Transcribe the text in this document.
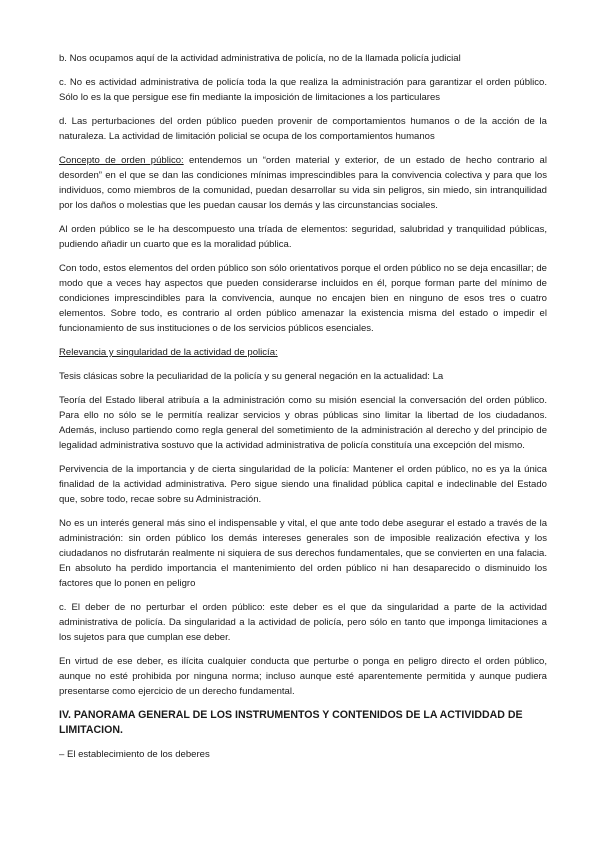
b. Nos ocupamos aquí de la actividad administrativa de policía, no de la llamada policía judicial

c. No es actividad administrativa de policía toda la que realiza la administración para garantizar el orden público. Sólo lo es la que persigue ese fin mediante la imposición de limitaciones a los particulares

d. Las perturbaciones del orden público pueden provenir de comportamientos humanos o de la acción de la naturaleza. La actividad de limitación policial se ocupa de los comportamientos humanos

Concepto de orden público: entendemos un “orden material y exterior, de un estado de hecho contrario al desorden” en el que se dan las condiciones mínimas imprescindibles para la convivencia colectiva y para que los individuos, como miembros de la comunidad, puedan desarrollar su vida sin peligros, sin miedo, sin intranquilidad por los daños o molestias que les puedan causar los demás y las circunstancias sociales.

Al orden público se le ha descompuesto una tríada de elementos: seguridad, salubridad y tranquilidad públicas, pudiendo añadir un cuarto que es la moralidad pública.

Con todo, estos elementos del orden público son sólo orientativos porque el orden público no se deja encasillar; de modo que a veces hay aspectos que pueden considerarse incluidos en él, porque forman parte del mínimo de condiciones imprescindibles para la convivencia, aunque no encajen bien en ninguno de esos tres o cuatro elementos. Sobre todo, es contrario al orden público amenazar la existencia misma del estado o impedir el funcionamiento de sus instituciones o de los servicios públicos esenciales.

Relevancia y singularidad de la actividad de policía:

Tesis clásicas sobre la peculiaridad de la policía y su general negación en la actualidad: La

Teoría del Estado liberal atribuía a la administración como su misión esencial la conversación del orden público. Para ello no sólo se le permitía realizar servicios y obras públicas sino limitar la libertad de los ciudadanos. Además, incluso partiendo como regla general del sometimiento de la administración al derecho y del principio de legalidad administrativa sostuvo que la actividad administrativa de policía constituía una excepción del mismo.

Pervivencia de la importancia y de cierta singularidad de la policía: Mantener el orden público, no es ya la única finalidad de la actividad administrativa. Pero sigue siendo una finalidad pública capital e indeclinable del Estado que, sobre todo, recae sobre su Administración.

No es un interés general más sino el indispensable y vital, el que ante todo debe asegurar el estado a través de la administración: sin orden público los demás intereses generales son de imposible realización efectiva y los ciudadanos no disfrutarán realmente ni siquiera de sus derechos fundamentales, que se convierten en una falacia. En absoluto ha perdido importancia el mantenimiento del orden público ni han desaparecido o disminuido los factores que lo ponen en peligro

c. El deber de no perturbar el orden público: este deber es el que da singularidad a parte de la actividad administrativa de policía. Da singularidad a la actividad de policía, pero sólo en tanto que imponga limitaciones a los sujetos para que cumplan ese deber.

En virtud de ese deber, es ilícita cualquier conducta que perturbe o ponga en peligro directo el orden público, aunque no esté prohibida por ninguna norma; incluso aunque esté aparentemente permitida y aunque pudiera presentarse como ejercicio de un derecho fundamental.

IV. PANORAMA GENERAL DE LOS INSTRUMENTOS Y CONTENIDOS DE LA ACTIVIDDAD DE LIMITACION.

– El establecimiento de los deberes
